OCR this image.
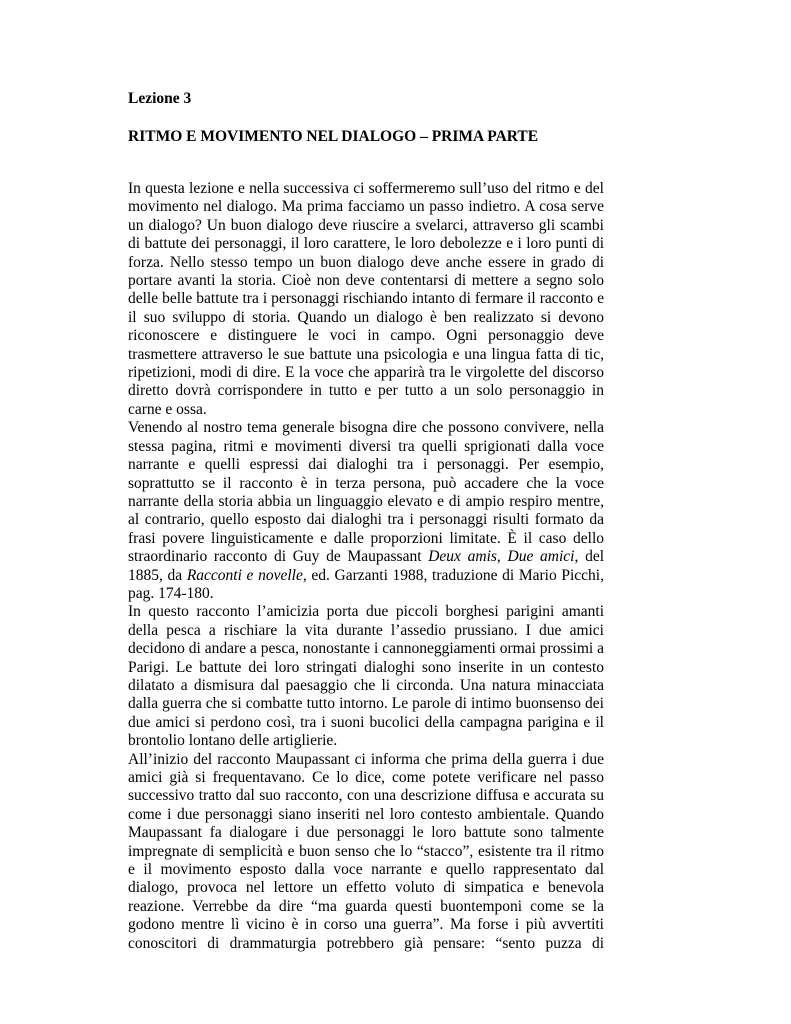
Lezione 3

RITMO E MOVIMENTO NEL DIALOGO – PRIMA PARTE

In questa lezione e nella successiva ci soffermeremo sull’uso del ritmo e del
movimento nel dialogo. Ma prima facciamo un passo indietro. A cosa serve
un dialogo? Un buon dialogo deve riuscire a svelarci, attraverso gli scambi
di battute dei personaggi, il loro carattere, le loro debolezze e i loro punti di
forza. Nello stesso tempo un buon dialogo deve anche essere in grado di
portare avanti la storia. Cioè non deve contentarsi di mettere a segno solo
delle belle battute tra i personaggi rischiando intanto di fermare il racconto e
il suo sviluppo di storia. Quando un dialogo è ben realizzato si devono
riconoscere e distinguere le voci in campo. Ogni personaggio deve
trasmettere attraverso le sue battute una psicologia e una lingua fatta di tic,
ripetizioni, modi di dire. E la voce che apparirà tra le virgolette del discorso
diretto dovrà corrispondere in tutto e per tutto a un solo personaggio in
carne e ossa.

Venendo al nostro tema generale bisogna dire che possono convivere, nella
stessa pagina, ritmi e movimenti diversi tra quelli sprigionati dalla voce
narrante e quelli espressi dai dialoghi tra i personaggi. Per esempio,
soprattutto se il racconto è in terza persona, può accadere che la voce
narrante della storia abbia un linguaggio elevato e di ampio respiro mentre,
al contrario, quello esposto dai dialoghi tra i personaggi risulti formato da
frasi povere linguisticamente e dalle proporzioni limitate. È il caso dello
straordinario racconto di Guy de Maupassant Deux amis, Due amici, del
1885, da Racconti e novelle, ed. Garzanti 1988, traduzione di Mario Picchi,
pag. 174-180.

In questo racconto l’amicizia porta due piccoli borghesi parigini amanti
della pesca a rischiare la vita durante l’assedio prussiano. I due amici
decidono di andare a pesca, nonostante i cannoneggiamenti ormai prossimi a
Parigi. Le battute dei loro stringati dialoghi sono inserite in un contesto
dilatato a dismisura dal paesaggio che li circonda. Una natura minacciata
dalla guerra che si combatte tutto intorno. Le parole di intimo buonsenso dei
due amici si perdono così, tra i suoni bucolici della campagna parigina e il
brontolio lontano delle artiglierie.

All’inizio del racconto Maupassant ci informa che prima della guerra i due
amici già si frequentavano. Ce lo dice, come potete verificare nel passo
successivo tratto dal suo racconto, con una descrizione diffusa e accurata su
come i due personaggi siano inseriti nel loro contesto ambientale. Quando
Maupassant fa dialogare i due personaggi le loro battute sono talmente
impregnate di semplicità e buon senso che lo “stacco”, esistente tra il ritmo
e il movimento esposto dalla voce narrante e quello rappresentato dal
dialogo, provoca nel lettore un effetto voluto di simpatica e benevola
reazione. Verrebbe da dire “ma guarda questi buontemponi come se la
godono mentre lì vicino è in corso una guerra”. Ma forse i più avvertiti
conoscitori di drammaturgia potrebbero già pensare: “sento puzza di
